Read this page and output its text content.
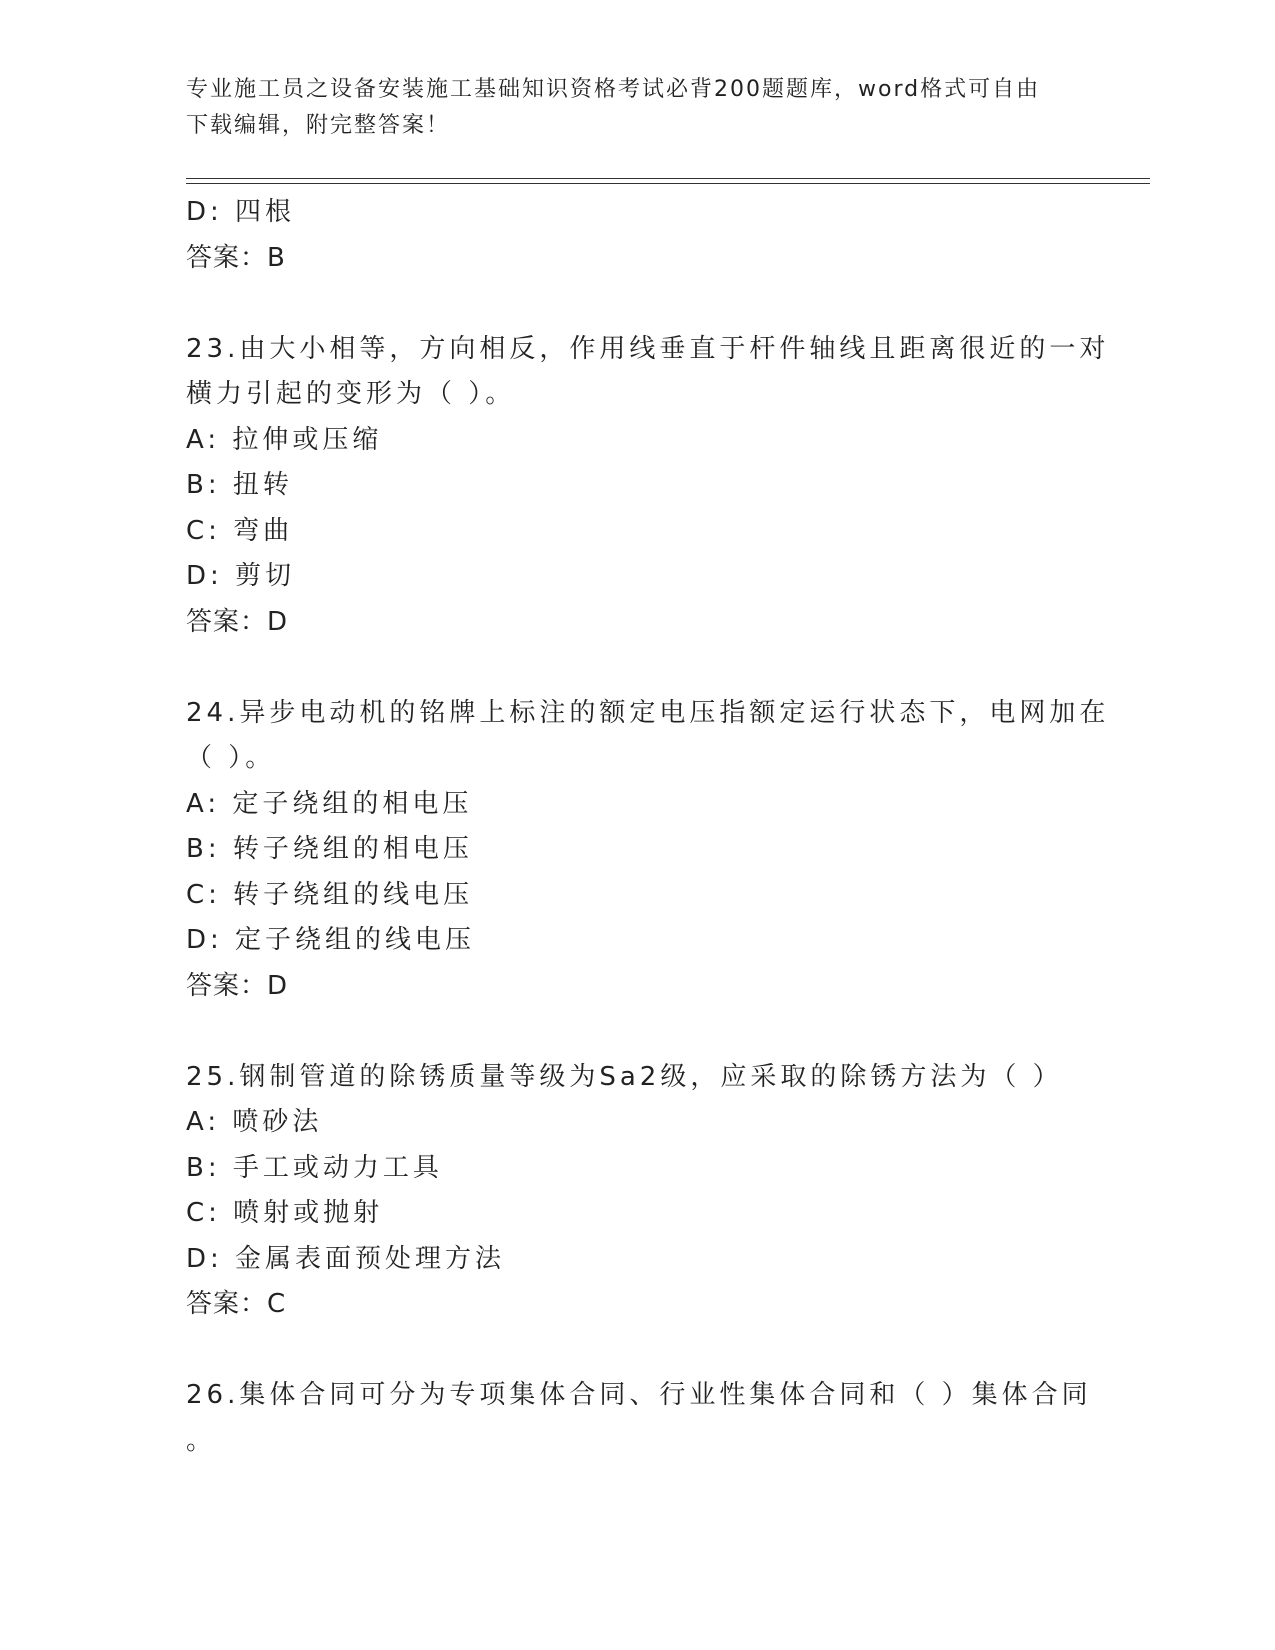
专业施工员之设备安装施工基础知识资格考试必背200题题库，word格式可自由
下载编辑，附完整答案！
D: 四根
答案：B
23.由大小相等，方向相反，作用线垂直于杆件轴线且距离很近的一对
横力引起的变形为（ ）。
A: 拉伸或压缩
B: 扭转
C: 弯曲
D: 剪切
答案：D
24.异步电动机的铭牌上标注的额定电压指额定运行状态下，电网加在
（ ）。
A: 定子绕组的相电压
B: 转子绕组的相电压
C: 转子绕组的线电压
D: 定子绕组的线电压
答案：D
25.钢制管道的除锈质量等级为Sa2级，应采取的除锈方法为（ ）
A: 喷砂法
B: 手工或动力工具
C: 喷射或抛射
D: 金属表面预处理方法
答案：C
26.集体合同可分为专项集体合同、行业性集体合同和（ ）集体合同
。
